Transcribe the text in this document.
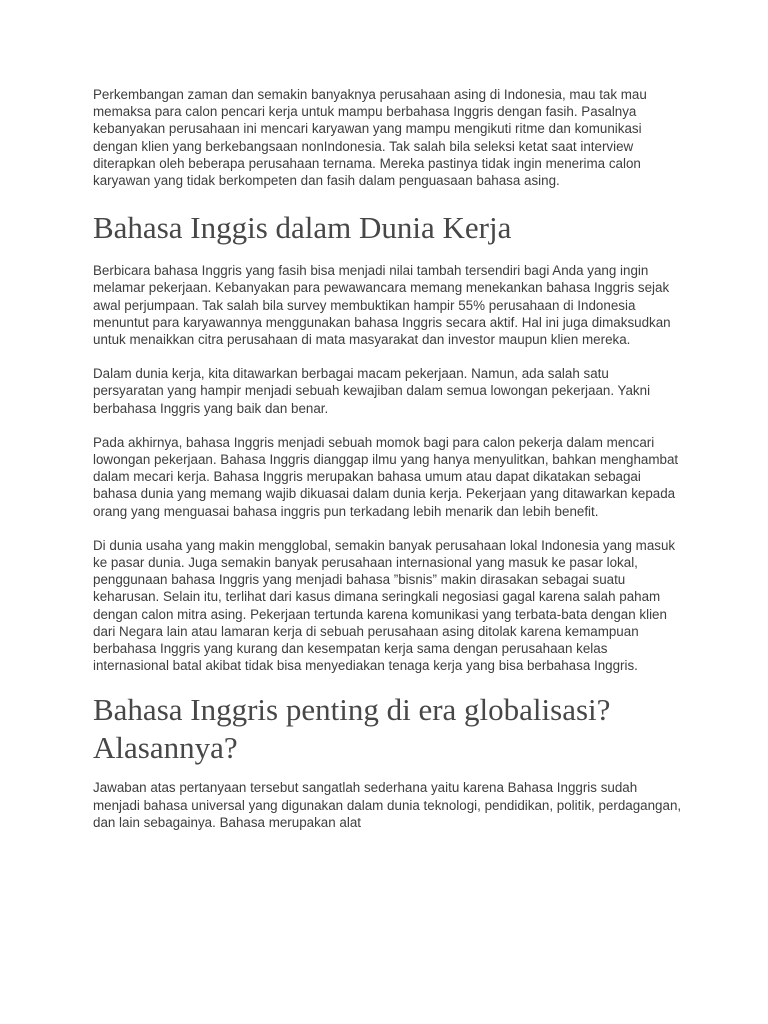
Perkembangan zaman dan semakin banyaknya perusahaan asing di Indonesia, mau tak mau memaksa para calon pencari kerja untuk mampu berbahasa Inggris dengan fasih. Pasalnya kebanyakan perusahaan ini mencari karyawan yang mampu mengikuti ritme dan komunikasi dengan klien yang berkebangsaan nonIndonesia. Tak salah bila seleksi ketat saat interview diterapkan oleh beberapa perusahaan ternama. Mereka pastinya tidak ingin menerima calon karyawan yang tidak berkompeten dan fasih dalam penguasaan bahasa asing.

Bahasa Inggis dalam Dunia Kerja

Berbicara bahasa Inggris yang fasih bisa menjadi nilai tambah tersendiri bagi Anda yang ingin melamar pekerjaan. Kebanyakan para pewawancara memang menekankan bahasa Inggris sejak awal perjumpaan. Tak salah bila survey membuktikan hampir 55% perusahaan di Indonesia menuntut para karyawannya menggunakan bahasa Inggris secara aktif. Hal ini juga dimaksudkan untuk menaikkan citra perusahaan di mata masyarakat dan investor maupun klien mereka.

Dalam dunia kerja, kita ditawarkan berbagai macam pekerjaan. Namun, ada salah satu persyaratan yang hampir menjadi sebuah kewajiban dalam semua lowongan pekerjaan. Yakni berbahasa Inggris yang baik dan benar.

Pada akhirnya, bahasa Inggris menjadi sebuah momok bagi para calon pekerja dalam mencari lowongan pekerjaan. Bahasa Inggris dianggap ilmu yang hanya menyulitkan, bahkan menghambat dalam mecari kerja. Bahasa Inggris merupakan bahasa umum atau dapat dikatakan sebagai bahasa dunia yang memang wajib dikuasai dalam dunia kerja. Pekerjaan yang ditawarkan kepada orang yang menguasai bahasa inggris pun terkadang lebih menarik dan lebih benefit.

Di dunia usaha yang makin mengglobal, semakin banyak perusahaan lokal Indonesia yang masuk ke pasar dunia. Juga semakin banyak perusahaan internasional yang masuk ke pasar lokal, penggunaan bahasa Inggris yang menjadi bahasa ”bisnis” makin dirasakan sebagai suatu keharusan. Selain itu, terlihat dari kasus dimana seringkali negosiasi gagal karena salah paham dengan calon mitra asing. Pekerjaan tertunda karena komunikasi yang terbata-bata dengan klien dari Negara lain atau lamaran kerja di sebuah perusahaan asing ditolak karena kemampuan berbahasa Inggris yang kurang dan kesempatan kerja sama dengan perusahaan kelas internasional batal akibat tidak bisa menyediakan tenaga kerja yang bisa berbahasa Inggris.

Bahasa Inggris penting di era globalisasi? Alasannya?

Jawaban atas pertanyaan tersebut sangatlah sederhana yaitu karena Bahasa Inggris sudah menjadi bahasa universal yang digunakan dalam dunia teknologi, pendidikan, politik, perdagangan, dan lain sebagainya. Bahasa merupakan alat
